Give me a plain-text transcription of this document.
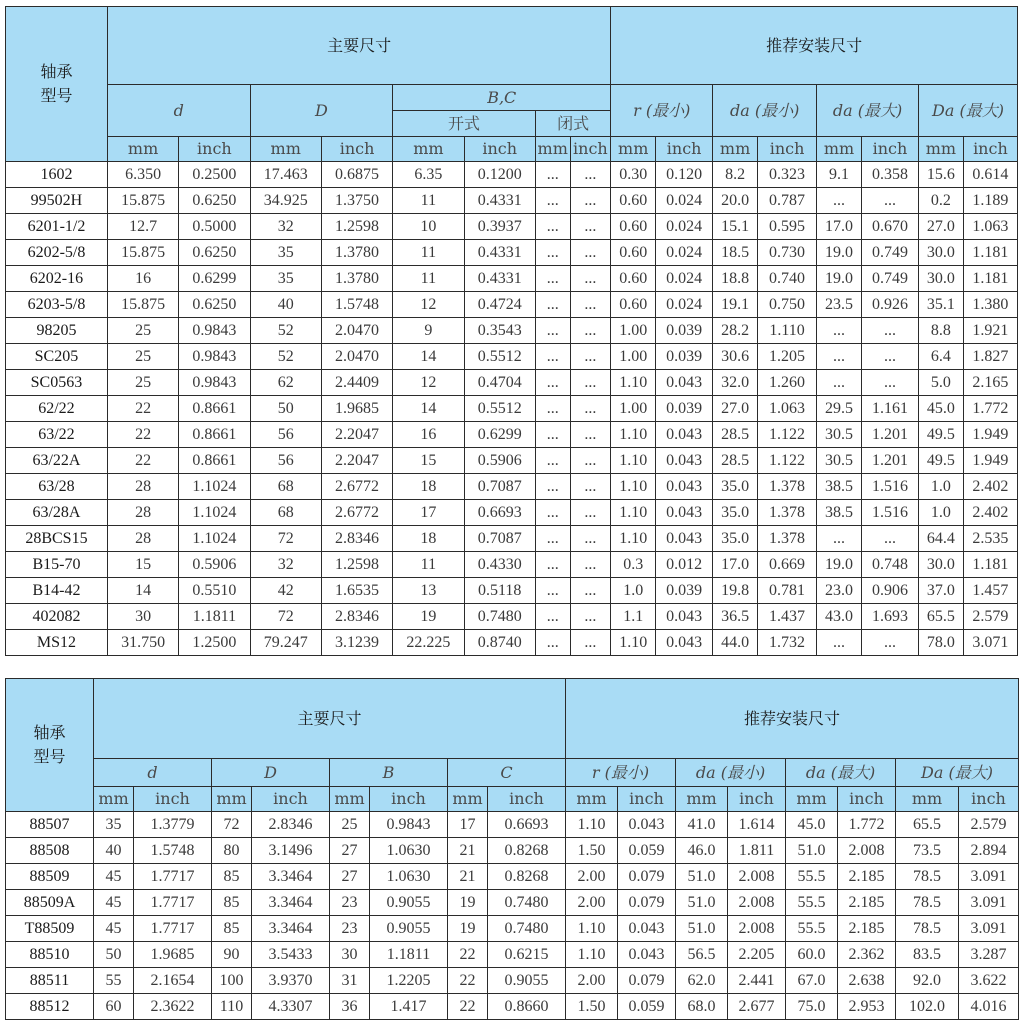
轴承
型号	主要尺寸								推荐安装尺寸							
	d		D		B,C				r (最小)		da (最小)		da (最大)		Da (最大)	
					开式		闭式									
	mm	inch	mm	inch	mm	inch	mm	inch	mm	inch	mm	inch	mm	inch	mm	inch
1602	6.350	0.2500	17.463	0.6875	6.35	0.1200	...	...	0.30	0.120	8.2	0.323	9.1	0.358	15.6	0.614
99502H	15.875	0.6250	34.925	1.3750	11	0.4331	...	...	0.60	0.024	20.0	0.787	...	...	0.2	1.189
6201-1/2	12.7	0.5000	32	1.2598	10	0.3937	...	...	0.60	0.024	15.1	0.595	17.0	0.670	27.0	1.063
6202-5/8	15.875	0.6250	35	1.3780	11	0.4331	...	...	0.60	0.024	18.5	0.730	19.0	0.749	30.0	1.181
6202-16	16	0.6299	35	1.3780	11	0.4331	...	...	0.60	0.024	18.8	0.740	19.0	0.749	30.0	1.181
6203-5/8	15.875	0.6250	40	1.5748	12	0.4724	...	...	0.60	0.024	19.1	0.750	23.5	0.926	35.1	1.380
98205	25	0.9843	52	2.0470	9	0.3543	...	...	1.00	0.039	28.2	1.110	...	...	8.8	1.921
SC205	25	0.9843	52	2.0470	14	0.5512	...	...	1.00	0.039	30.6	1.205	...	...	6.4	1.827
SC0563	25	0.9843	62	2.4409	12	0.4704	...	...	1.10	0.043	32.0	1.260	...	...	5.0	2.165
62/22	22	0.8661	50	1.9685	14	0.5512	...	...	1.00	0.039	27.0	1.063	29.5	1.161	45.0	1.772
63/22	22	0.8661	56	2.2047	16	0.6299	...	...	1.10	0.043	28.5	1.122	30.5	1.201	49.5	1.949
63/22A	22	0.8661	56	2.2047	15	0.5906	...	...	1.10	0.043	28.5	1.122	30.5	1.201	49.5	1.949
63/28	28	1.1024	68	2.6772	18	0.7087	...	...	1.10	0.043	35.0	1.378	38.5	1.516	1.0	2.402
63/28A	28	1.1024	68	2.6772	17	0.6693	...	...	1.10	0.043	35.0	1.378	38.5	1.516	1.0	2.402
28BCS15	28	1.1024	72	2.8346	18	0.7087	...	...	1.10	0.043	35.0	1.378	...	...	64.4	2.535
B15-70	15	0.5906	32	1.2598	11	0.4330	...	...	0.3	0.012	17.0	0.669	19.0	0.748	30.0	1.181
B14-42	14	0.5510	42	1.6535	13	0.5118	...	...	1.0	0.039	19.8	0.781	23.0	0.906	37.0	1.457
402082	30	1.1811	72	2.8346	19	0.7480	...	...	1.1	0.043	36.5	1.437	43.0	1.693	65.5	2.579
MS12	31.750	1.2500	79.247	3.1239	22.225	0.8740	...	...	1.10	0.043	44.0	1.732	...	...	78.0	3.071
轴承
型号	主要尺寸								推荐安装尺寸							
	d		D		B		C		r (最小)		da (最小)		da (最大)		Da (最大)	
	mm	inch	mm	inch	mm	inch	mm	inch	mm	inch	mm	inch	mm	inch	mm	inch
88507	35	1.3779	72	2.8346	25	0.9843	17	0.6693	1.10	0.043	41.0	1.614	45.0	1.772	65.5	2.579
88508	40	1.5748	80	3.1496	27	1.0630	21	0.8268	1.50	0.059	46.0	1.811	51.0	2.008	73.5	2.894
88509	45	1.7717	85	3.3464	27	1.0630	21	0.8268	2.00	0.079	51.0	2.008	55.5	2.185	78.5	3.091
88509A	45	1.7717	85	3.3464	23	0.9055	19	0.7480	2.00	0.079	51.0	2.008	55.5	2.185	78.5	3.091
T88509	45	1.7717	85	3.3464	23	0.9055	19	0.7480	1.10	0.043	51.0	2.008	55.5	2.185	78.5	3.091
88510	50	1.9685	90	3.5433	30	1.1811	22	0.6215	1.10	0.043	56.5	2.205	60.0	2.362	83.5	3.287
88511	55	2.1654	100	3.9370	31	1.2205	22	0.9055	2.00	0.079	62.0	2.441	67.0	2.638	92.0	3.622
88512	60	2.3622	110	4.3307	36	1.417	22	0.8660	1.50	0.059	68.0	2.677	75.0	2.953	102.0	4.016
